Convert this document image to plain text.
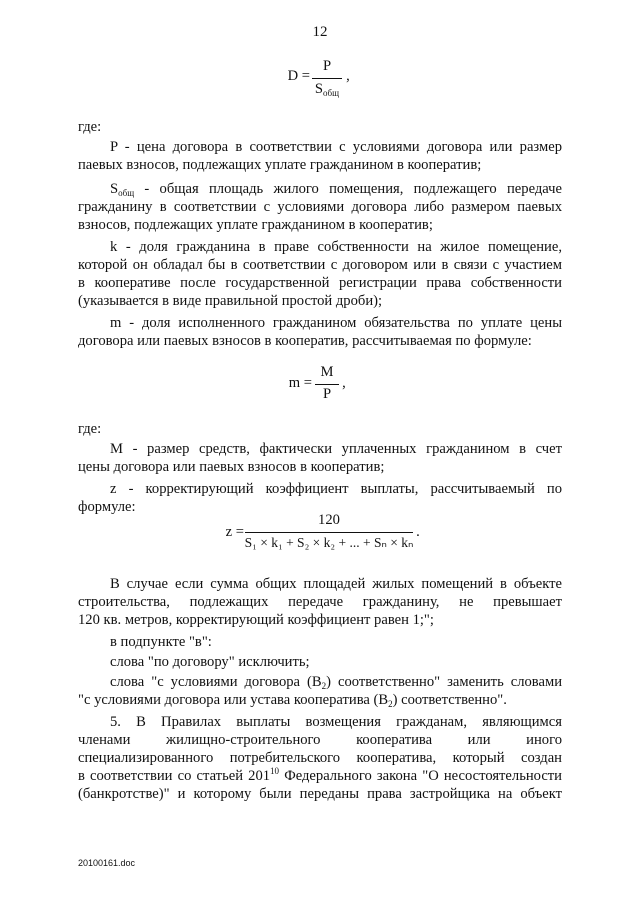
12
D =
P
$S_{общ}$
,
где:
P - цена договора в соответствии с условиями договора или размер
паевых взносов, подлежащих уплате гражданином в кооператив;
$S_{общ}$ - общая площадь жилого помещения, подлежащего передаче
гражданину в соответствии с условиями договора либо размером паевых
взносов, подлежащих уплате гражданином в кооператив;
k - доля гражданина в праве собственности на жилое помещение,
которой он обладал бы в соответствии с договором или в связи с участием
в кооперативе после государственной регистрации права собственности
(указывается в виде правильной простой дроби);
m - доля исполненного гражданином обязательства по уплате цены
договора или паевых взносов в кооператив, рассчитываемая по формуле:
m =
M
P
,
где:
M - размер средств, фактически уплаченных гражданином в счет
цены договора или паевых взносов в кооператив;
z - корректирующий коэффициент выплаты, рассчитываемый по
формуле:
z =
120
S₁ × k₁ + S₂ × k₂ + ... + Sₙ × kₙ
.
В случае если сумма общих площадей жилых помещений в объекте
строительства, подлежащих передаче гражданину, не превышает
120 кв. метров, корректирующий коэффициент равен 1;";
в подпункте "в":
слова "по договору" исключить;
слова "с условиями договора $(B_2)$ соответственно" заменить словами
"с условиями договора или устава кооператива $(B_2)$ соответственно".
5. В Правилах выплаты возмещения гражданам, являющимся
членами жилищно-строительного кооператива или иного
специализированного потребительского кооператива, который создан
в соответствии со статьей $201^{10}$ Федерального закона "О несостоятельности
(банкротстве)" и которому были переданы права застройщика на объект
20100161.doc
